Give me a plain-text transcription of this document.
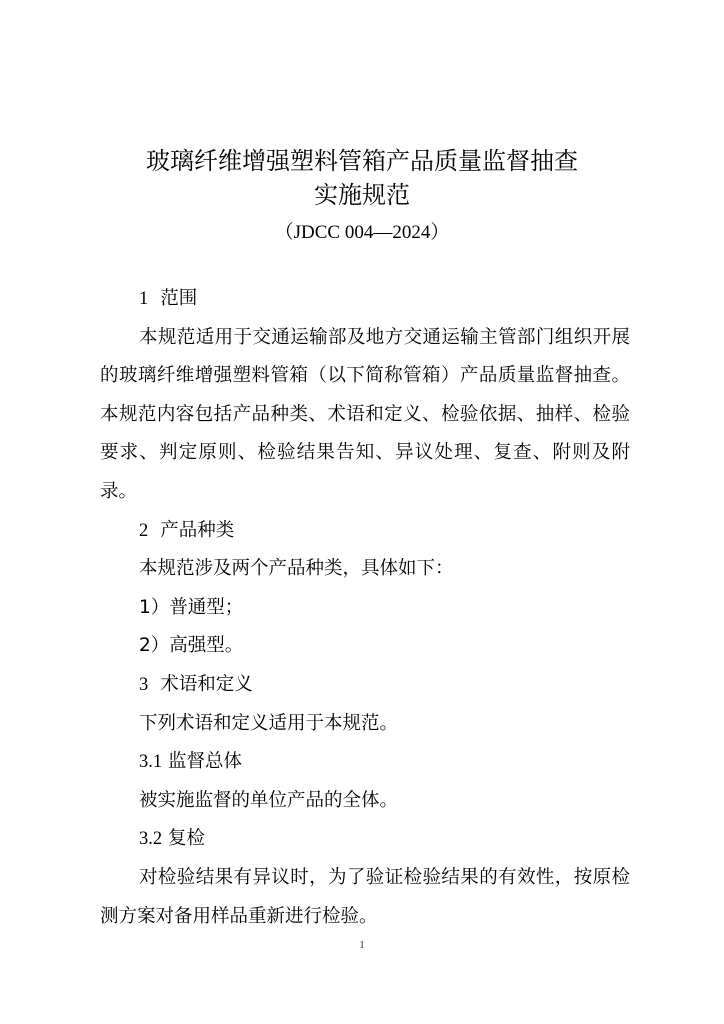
玻璃纤维增强塑料管箱产品质量监督抽查
实施规范
（JDCC 004—2024）

1 范围

本规范适用于交通运输部及地方交通运输主管部门组织开展的玻璃纤维增强塑料管箱（以下简称管箱）产品质量监督抽查。本规范内容包括产品种类、术语和定义、检验依据、抽样、检验要求、判定原则、检验结果告知、异议处理、复查、附则及附录。

2 产品种类

本规范涉及两个产品种类，具体如下：

1）普通型；

2）高强型。

3 术语和定义

下列术语和定义适用于本规范。

3.1 监督总体

被实施监督的单位产品的全体。

3.2 复检

对检验结果有异议时，为了验证检验结果的有效性，按原检测方案对备用样品重新进行检验。

1
